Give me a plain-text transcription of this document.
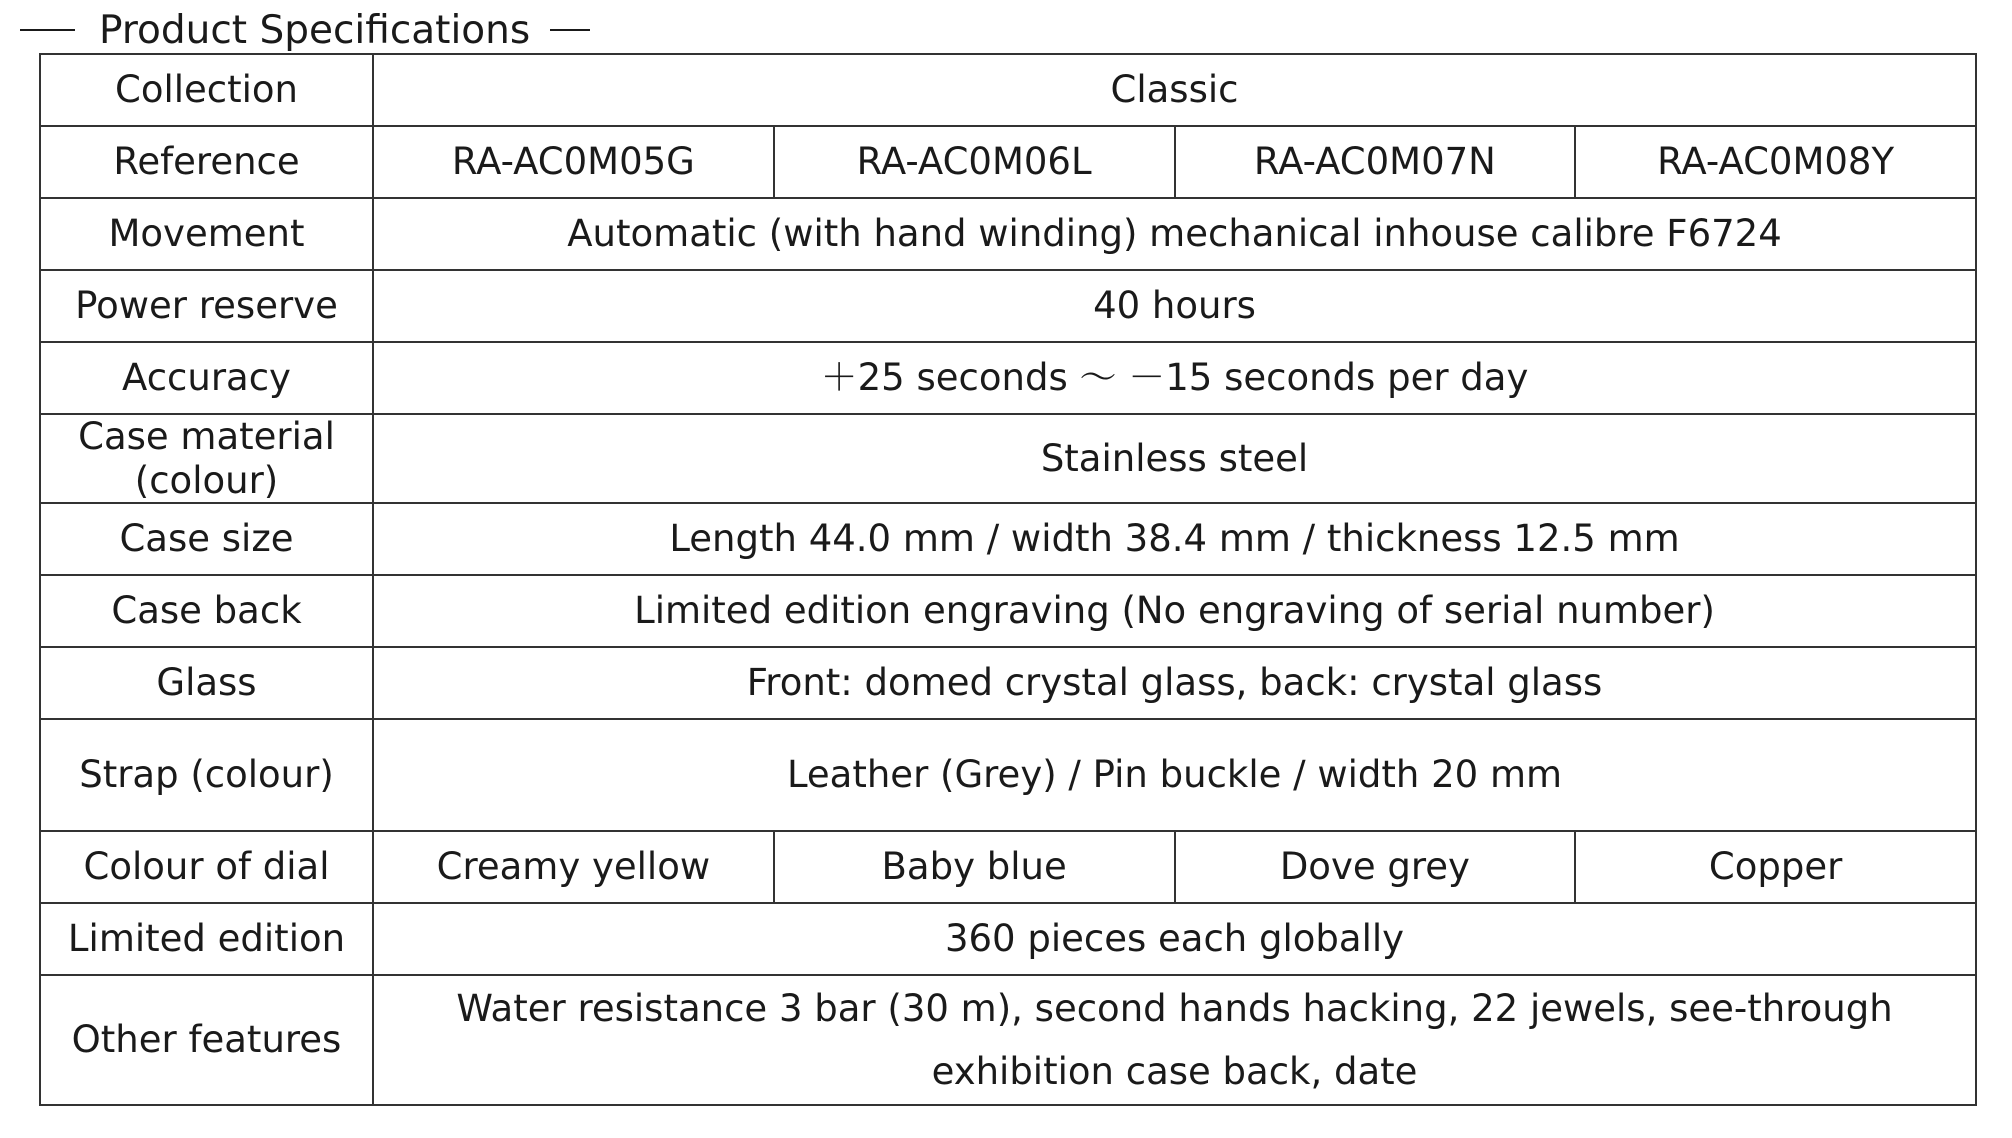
Product Specifications
Collection	Classic			
Reference	RA-AC0M05G	RA-AC0M06L	RA-AC0M07N	RA-AC0M08Y
Movement	Automatic (with hand winding) mechanical inhouse calibre F6724			
Power reserve	40 hours			
Accuracy	＋25 seconds ～ －15 seconds per day			
Case material (colour)	Stainless steel			
Case size	Length 44.0 mm / width 38.4 mm / thickness 12.5 mm			
Case back	Limited edition engraving (No engraving of serial number)			
Glass	Front: domed crystal glass, back: crystal glass			
Strap (colour)	Leather (Grey) / Pin buckle / width 20 mm			
Colour of dial	Creamy yellow	Baby blue	Dove grey	Copper
Limited edition	360 pieces each globally			
Other features	Water resistance 3 bar (30 m), second hands hacking, 22 jewels, see-through exhibition case back, date			
